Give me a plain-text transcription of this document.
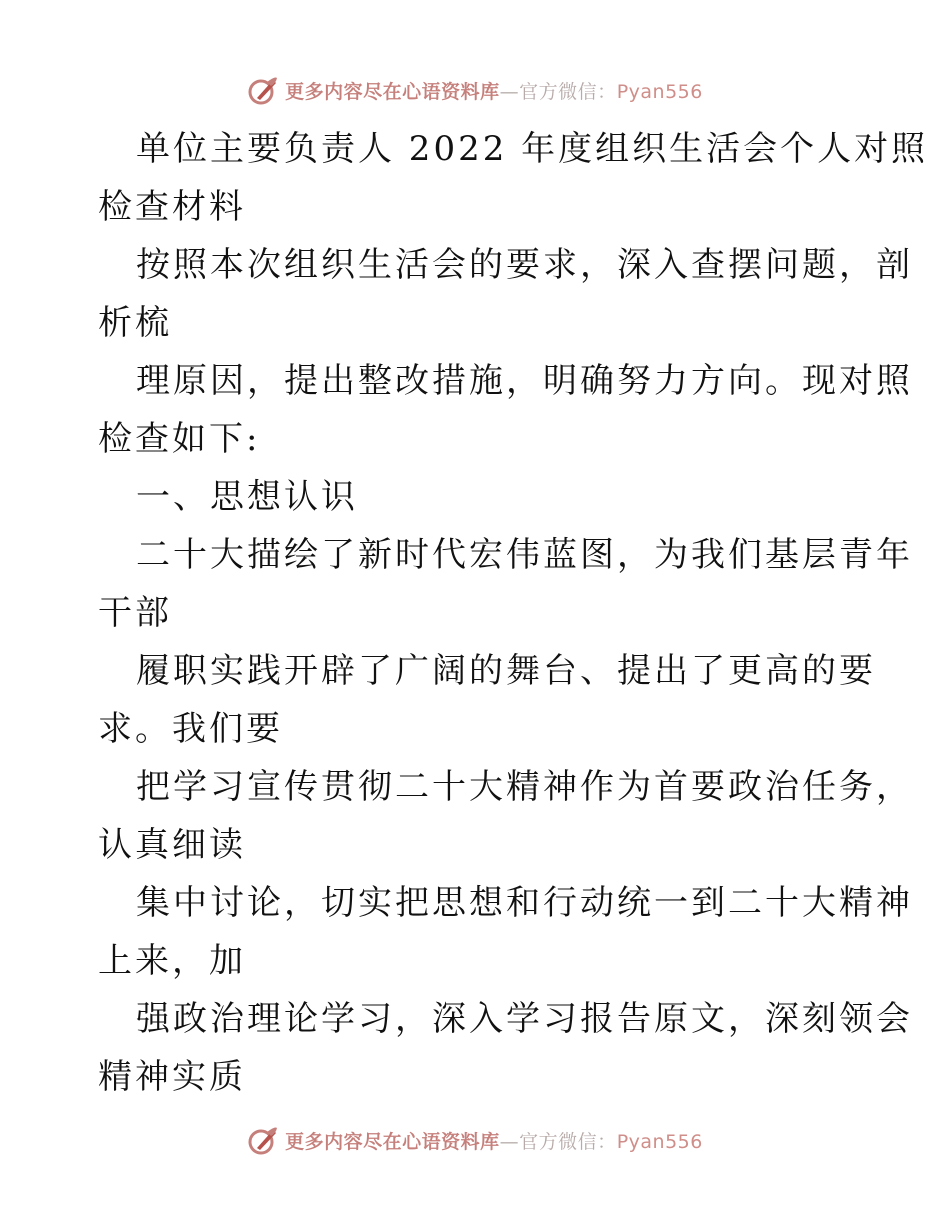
更多内容尽在心语资料库—官方微信：Pyan556
单位主要负责人 2022 年度组织生活会个人对照
检查材料
按照本次组织生活会的要求，深入查摆问题，剖
析梳
理原因，提出整改措施，明确努力方向。现对照
检查如下:
一、思想认识
二十大描绘了新时代宏伟蓝图，为我们基层青年
干部
履职实践开辟了广阔的舞台、提出了更高的要
求。我们要
把学习宣传贯彻二十大精神作为首要政治任务，
认真细读
集中讨论，切实把思想和行动统一到二十大精神
上来，加
强政治理论学习，深入学习报告原文，深刻领会
精神实质
更多内容尽在心语资料库—官方微信：Pyan556
